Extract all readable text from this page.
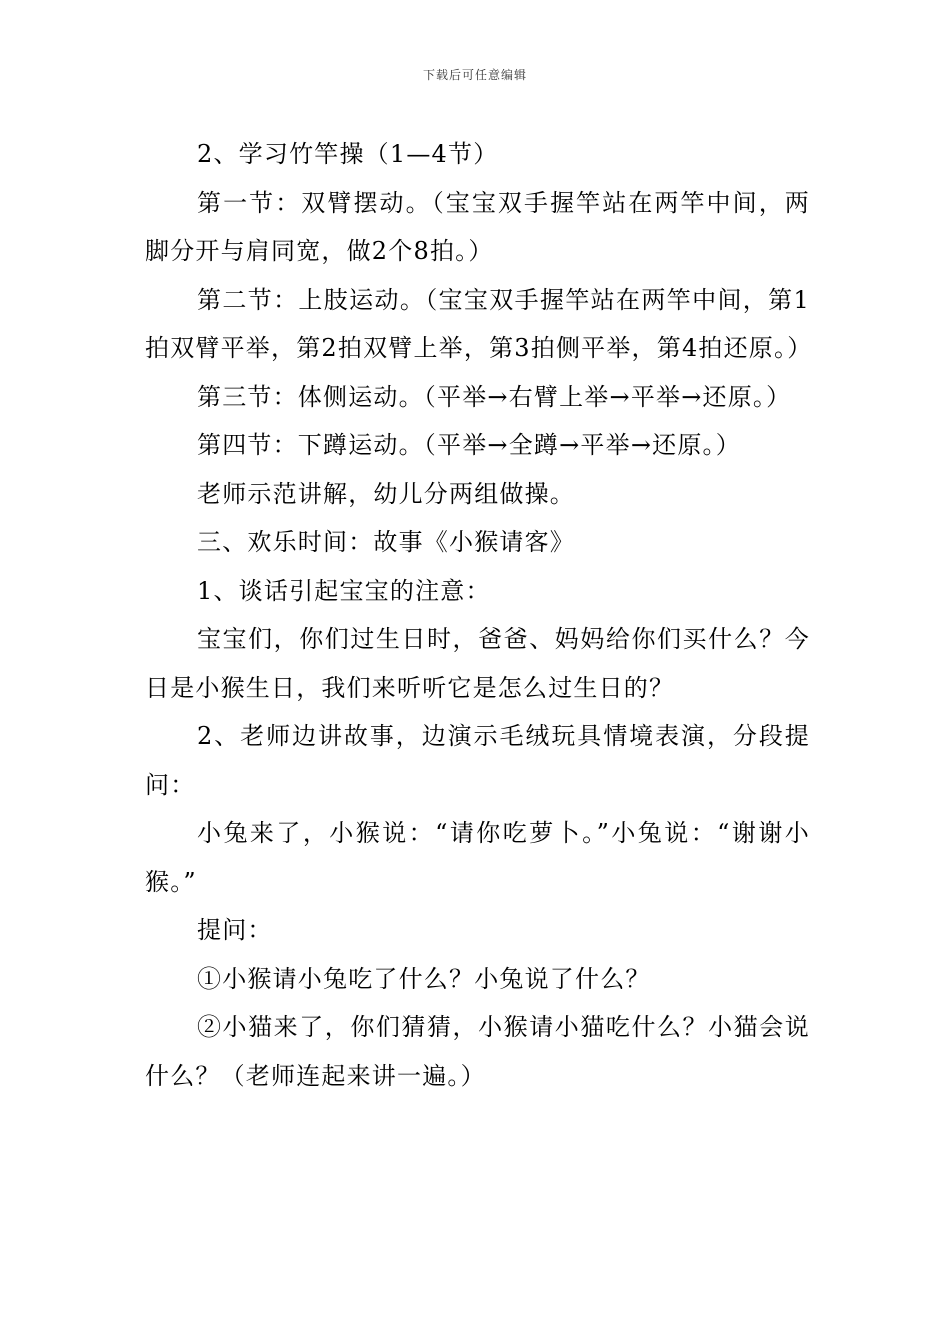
下载后可任意编辑

2、学习竹竿操（1—4节）

第一节：双臂摆动。（宝宝双手握竿站在两竿中间，两脚分开与肩同宽，做2个8拍。）

第二节：上肢运动。（宝宝双手握竿站在两竿中间，第1拍双臂平举，第2拍双臂上举，第3拍侧平举，第4拍还原。）

第三节：体侧运动。（平举→右臂上举→平举→还原。）

第四节：下蹲运动。（平举→全蹲→平举→还原。）

老师示范讲解，幼儿分两组做操。

三、欢乐时间：故事《小猴请客》

1、谈话引起宝宝的注意：

宝宝们，你们过生日时，爸爸、妈妈给你们买什么？今日是小猴生日，我们来听听它是怎么过生日的？

2、老师边讲故事，边演示毛绒玩具情境表演，分段提问：

小兔来了，小猴说：“请你吃萝卜。”小兔说：“谢谢小猴。”

提问：

①小猴请小兔吃了什么？小兔说了什么？

②小猫来了，你们猜猜，小猴请小猫吃什么？小猫会说什么？（老师连起来讲一遍。）
